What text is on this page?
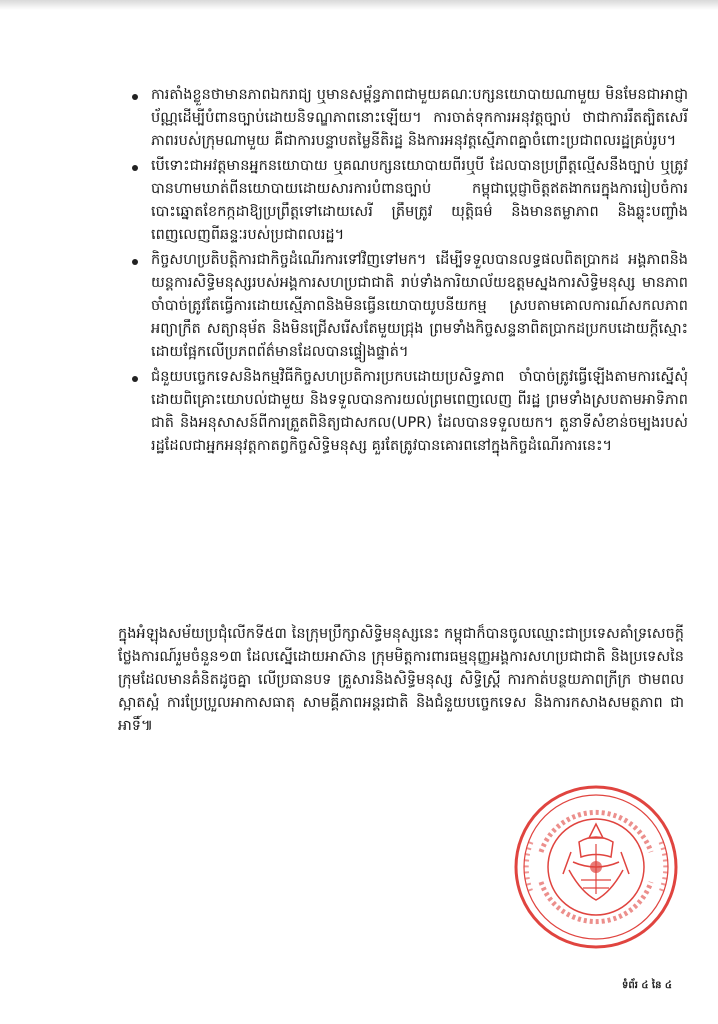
ការតាំងខ្លួនថាមានភាពឯករាជ្យ ឬមានសម្ព័ន្ធភាពជាមួយគណៈបក្សនយោបាយណាមួយ មិនមែនជាអាជ្ញាប័ណ្ណដើម្បីបំពានច្បាប់ដោយនិទណ្ឌភាពនោះឡើយ។ ការចាត់ទុកការអនុវត្តច្បាប់ ថាជាការរឹតត្បិតសេរីភាពរបស់ក្រុមណាមួយ គឺជាការបន្ទាបតម្លៃនីតិរដ្ឋ និងការអនុវត្តស្មើភាពគ្នាចំពោះប្រជាពលរដ្ឋគ្រប់រូប។
បើទោះជាអវត្តមានអ្នកនយោបាយ ឬគណបក្សនយោបាយពីរឬបី ដែលបានប្រព្រឹត្តល្មើសនឹងច្បាប់ ឬត្រូវបានហាមឃាត់ពីនយោបាយដោយសារការបំពានច្បាប់ កម្ពុជាប្តេជ្ញាចិត្តឥតងាករេក្នុងការរៀបចំការបោះឆ្នោតខែកក្កដាឱ្យប្រព្រឹត្តទៅដោយសេរី ត្រឹមត្រូវ យុត្តិធម៌ និងមានតម្លាភាព និងឆ្លុះបញ្ចាំងពេញលេញពីឆន្ទៈរបស់ប្រជាពលរដ្ឋ។
កិច្ចសហប្រតិបត្តិការជាកិច្ចដំណើរការទៅវិញទៅមក។ ដើម្បីទទួលបានលទ្ធផលពិតប្រាកដ អង្គភាពនិងយន្តការសិទ្ធិមនុស្សរបស់អង្គការសហប្រជាជាតិ រាប់ទាំងការិយាល័យឧត្តមស្នងការសិទ្ធិមនុស្ស មានភាពចាំបាច់ត្រូវតែធ្វើការដោយស្មើភាពនិងមិនធ្វើនយោបាយូបនីយកម្ម ស្របតាមគោលការណ៍សកលភាព អព្យាក្រឹត សត្យានុម័ត និងមិនជ្រើសរើសតែមួយជ្រុង ព្រមទាំងកិច្ចសន្ទនាពិតប្រាកដប្រកបដោយក្តីស្មោះ ដោយផ្អែកលើប្រភពព័ត៌មានដែលបានផ្ទៀងផ្ទាត់។
ជំនួយបច្ចេកទេសនិងកម្មវិធីកិច្ចសហប្រតិការប្រកបដោយប្រសិទ្ធភាព ចាំបាច់ត្រូវធ្វើឡើងតាមការស្នើសុំ ដោយពិគ្រោះយោបល់ជាមួយ និងទទួលបានការយល់ព្រមពេញលេញ ពីរដ្ឋ ព្រមទាំងស្របតាមអាទិភាពជាតិ និងអនុសាសន៍ពីការត្រួតពិនិត្យជាសកល(UPR) ដែលបានទទួលយក។ តួនាទីសំខាន់ចម្បងរបស់រដ្ឋដែលជាអ្នកអនុវត្តកាតព្វកិច្ចសិទ្ធិមនុស្ស គួរតែត្រូវបានគោរពនៅក្នុងកិច្ចដំណើរការនេះ។

ក្នុងអំឡុងសម័យប្រជុំលើកទី៥៣ នៃក្រុមប្រឹក្សាសិទ្ធិមនុស្សនេះ កម្ពុជាក៏បានចូលឈ្មោះជាប្រទេសគាំទ្រសេចក្តីថ្លែងការណ៍រួមចំនួន១៣ ដែលស្នើដោយអាស៊ាន ក្រុមមិត្តការពារធម្មនុញ្ញអង្គការសហប្រជាជាតិ និងប្រទេសនៃក្រុមដែលមានគំនិតដូចគ្នា លើប្រធានបទ គ្រួសារនិងសិទ្ធិមនុស្ស សិទ្ធិស្ត្រី ការកាត់បន្ថយភាពក្រីក្រ ថាមពលស្អាតស្អំ ការប្រែប្រួលអាកាសធាតុ សាមគ្គីភាពអន្តរជាតិ និងជំនួយបច្ចេកទេស និងការកសាងសមត្ថភាព ជាអាទិ៍៕

ទំព័រ ៤ នៃ ៤
